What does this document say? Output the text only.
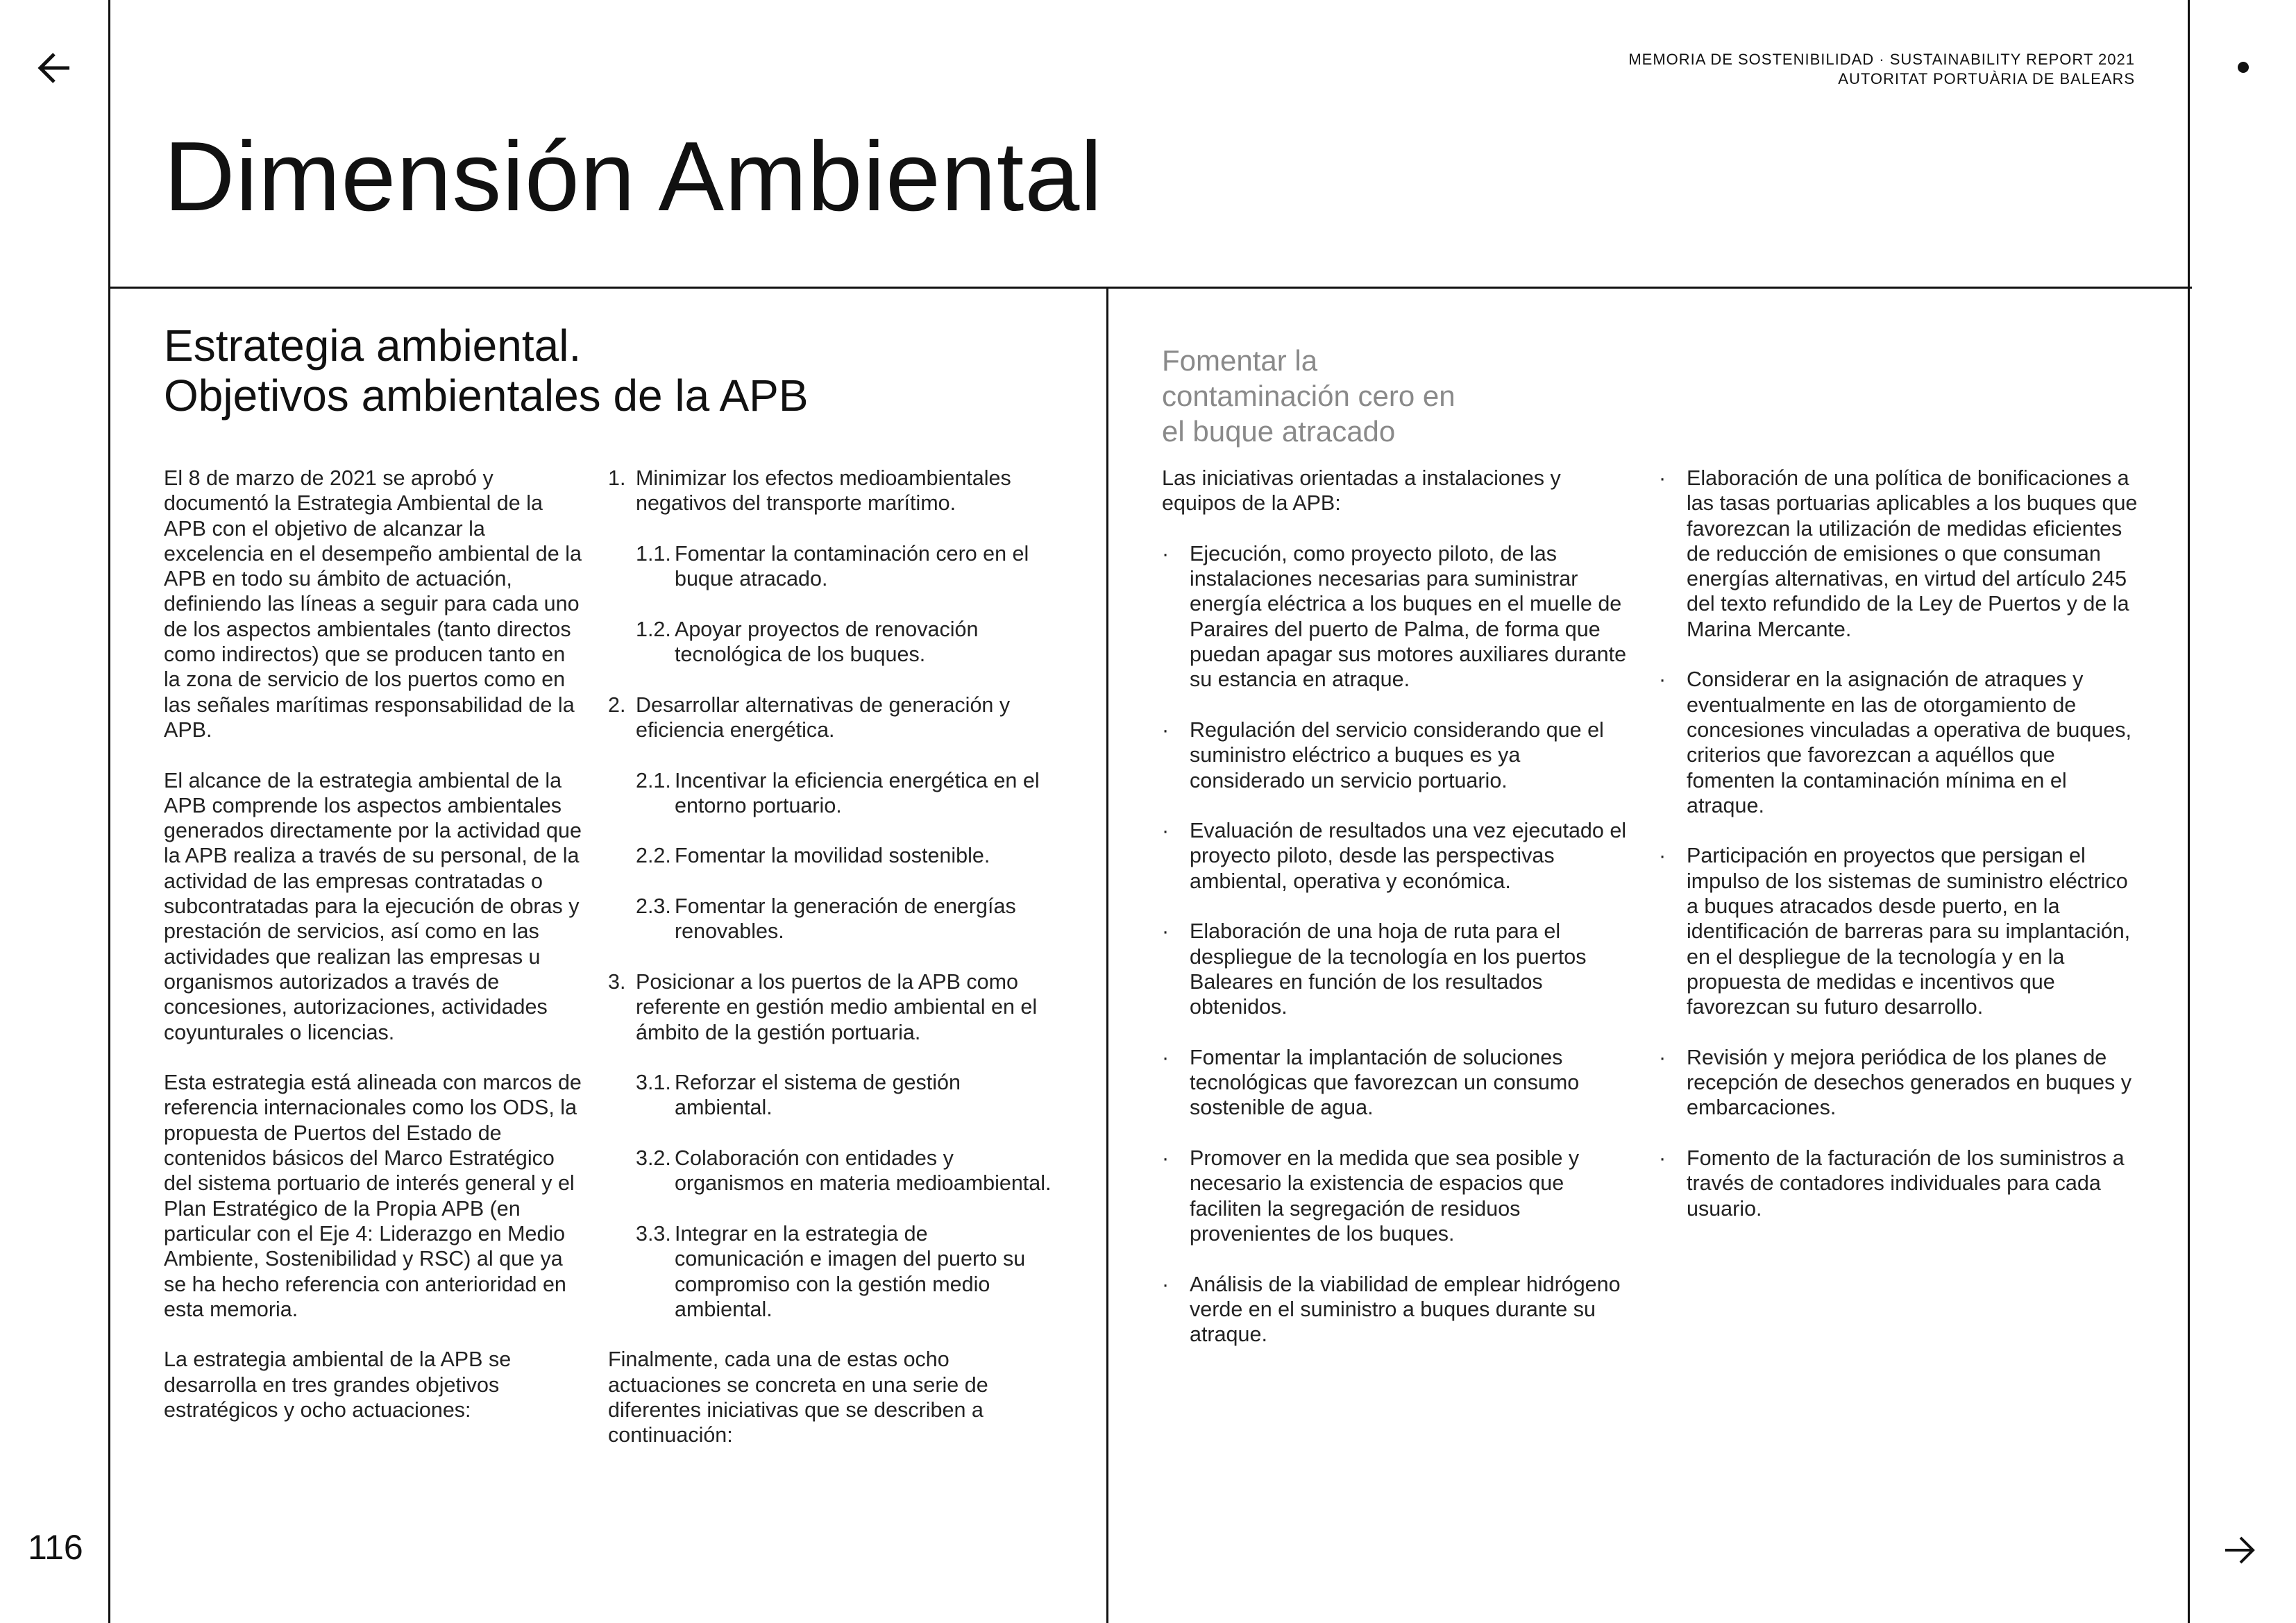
MEMORIA DE SOSTENIBILIDAD · SUSTAINABILITY REPORT 2021
AUTORITAT PORTUÀRIA DE BALEARS
Dimensión Ambiental
Estrategia ambiental.
Objetivos ambientales de la APB
Fomentar la
contaminación cero en
el buque atracado

El 8 de marzo de 2021 se aprobó y documentó la Estrategia Ambiental de la APB con el objetivo de alcanzar la excelencia en el desempeño ambiental de la APB en todo su ámbito de actuación, definiendo las líneas a seguir para cada uno de los aspectos ambientales (tanto directos como indirectos) que se producen tanto en la zona de servicio de los puertos como en las señales marítimas responsabilidad de la APB.

El alcance de la estrategia ambiental de la APB comprende los aspectos ambientales generados directamente por la actividad que la APB realiza a través de su personal, de la actividad de las empresas contratadas o subcontratadas para la ejecución de obras y prestación de servicios, así como en las actividades que realizan las empresas u organismos autorizados a través de concesiones, autorizaciones, actividades coyunturales o licencias.

Esta estrategia está alineada con marcos de referencia internacionales como los ODS, la propuesta de Puertos del Estado de contenidos básicos del Marco Estratégico del sistema portuario de interés general y el Plan Estratégico de la Propia APB (en particular con el Eje 4: Liderazgo en Medio Ambiente, Sostenibilidad y RSC) al que ya se ha hecho referencia con anterioridad en esta memoria.

La estrategia ambiental de la APB se desarrolla en tres grandes objetivos estratégicos y ocho actuaciones:

1. Minimizar los efectos medioambientales negativos del transporte marítimo.
1.1. Fomentar la contaminación cero en el buque atracado.
1.2. Apoyar proyectos de renovación tecnológica de los buques.
2. Desarrollar alternativas de generación y eficiencia energética.
2.1. Incentivar la eficiencia energética en el entorno portuario.
2.2. Fomentar la movilidad sostenible.
2.3. Fomentar la generación de energías renovables.
3. Posicionar a los puertos de la APB como referente en gestión medio ambiental en el ámbito de la gestión portuaria.
3.1. Reforzar el sistema de gestión ambiental.
3.2. Colaboración con entidades y organismos en materia medioambiental.
3.3. Integrar en la estrategia de comunicación e imagen del puerto su compromiso con la gestión medio ambiental.

Finalmente, cada una de estas ocho actuaciones se concreta en una serie de diferentes iniciativas que se describen a continuación:

Las iniciativas orientadas a instalaciones y equipos de la APB:

· Ejecución, como proyecto piloto, de las instalaciones necesarias para suministrar energía eléctrica a los buques en el muelle de Paraires del puerto de Palma, de forma que puedan apagar sus motores auxiliares durante su estancia en atraque.
· Regulación del servicio considerando que el suministro eléctrico a buques es ya considerado un servicio portuario.
· Evaluación de resultados una vez ejecutado el proyecto piloto, desde las perspectivas ambiental, operativa y económica.
· Elaboración de una hoja de ruta para el despliegue de la tecnología en los puertos Baleares en función de los resultados obtenidos.
· Fomentar la implantación de soluciones tecnológicas que favorezcan un consumo sostenible de agua.
· Promover en la medida que sea posible y necesario la existencia de espacios que faciliten la segregación de residuos provenientes de los buques.
· Análisis de la viabilidad de emplear hidrógeno verde en el suministro a buques durante su atraque.
· Elaboración de una política de bonificaciones a las tasas portuarias aplicables a los buques que favorezcan la utilización de medidas eficientes de reducción de emisiones o que consuman energías alternativas, en virtud del artículo 245 del texto refundido de la Ley de Puertos y de la Marina Mercante.
· Considerar en la asignación de atraques y eventualmente en las de otorgamiento de concesiones vinculadas a operativa de buques, criterios que favorezcan a aquéllos que fomenten la contaminación mínima en el atraque.
· Participación en proyectos que persigan el impulso de los sistemas de suministro eléctrico a buques atracados desde puerto, en la identificación de barreras para su implantación, en el despliegue de la tecnología y en la propuesta de medidas e incentivos que favorezcan su futuro desarrollo.
· Revisión y mejora periódica de los planes de recepción de desechos generados en buques y embarcaciones.
· Fomento de la facturación de los suministros a través de contadores individuales para cada usuario.
116
